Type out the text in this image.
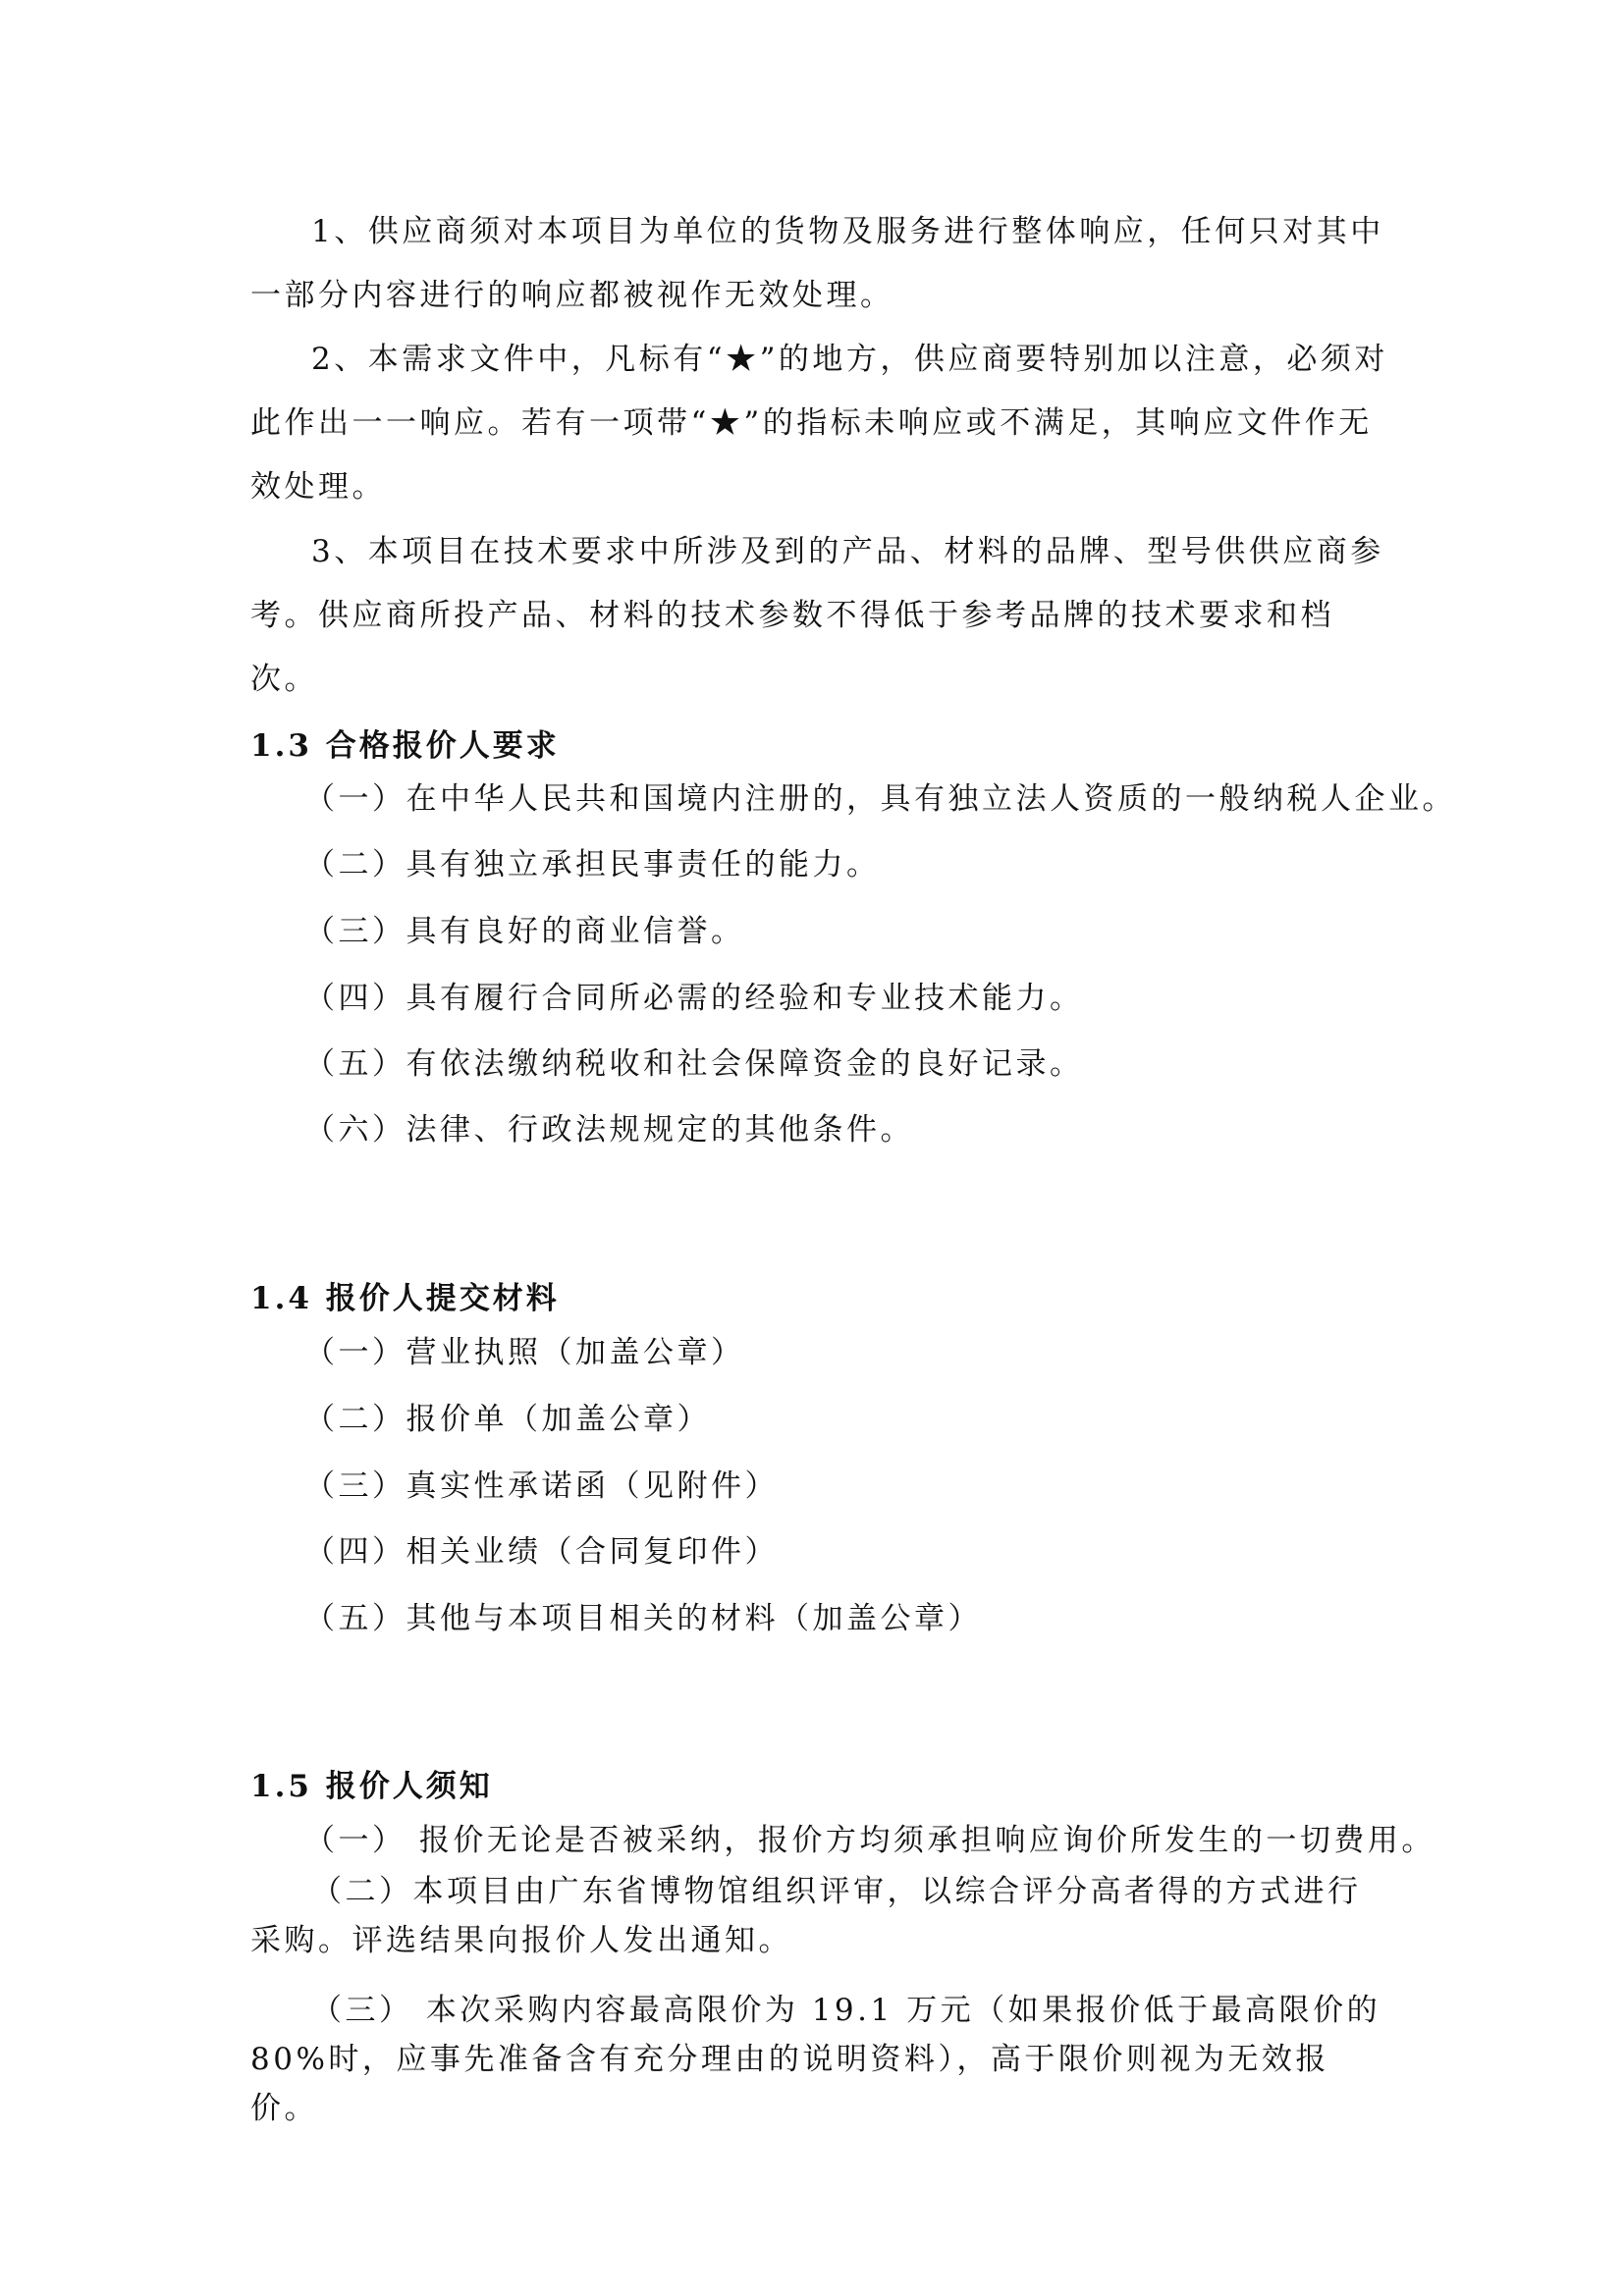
1、供应商须对本项目为单位的货物及服务进行整体响应，任何只对其中一部分内容进行的响应都被视作无效处理。

2、本需求文件中，凡标有“★”的地方，供应商要特别加以注意，必须对此作出一一响应。若有一项带“★”的指标未响应或不满足，其响应文件作无效处理。

3、本项目在技术要求中所涉及到的产品、材料的品牌、型号供供应商参考。供应商所投产品、材料的技术参数不得低于参考品牌的技术要求和档次。

1.3 合格报价人要求

（一）在中华人民共和国境内注册的，具有独立法人资质的一般纳税人企业。

（二）具有独立承担民事责任的能力。

（三）具有良好的商业信誉。

（四）具有履行合同所必需的经验和专业技术能力。

（五）有依法缴纳税收和社会保障资金的良好记录。

（六）法律、行政法规规定的其他条件。

1.4 报价人提交材料

（一）营业执照（加盖公章）

（二）报价单（加盖公章）

（三）真实性承诺函（见附件）

（四）相关业绩（合同复印件）

（五）其他与本项目相关的材料（加盖公章）

1.5 报价人须知

（一） 报价无论是否被采纳，报价方均须承担响应询价所发生的一切费用。

（二）本项目由广东省博物馆组织评审，以综合评分高者得的方式进行采购。评选结果向报价人发出通知。

（三） 本次采购内容最高限价为 19.1 万元（如果报价低于最高限价的 80%时，应事先准备含有充分理由的说明资料），高于限价则视为无效报价。
